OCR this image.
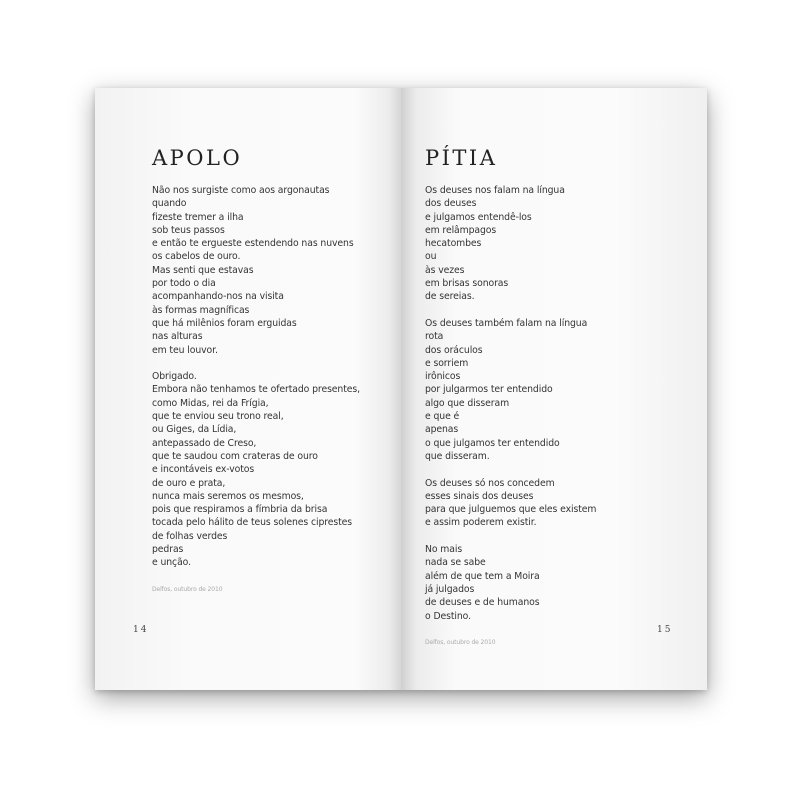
APOLO
Não nos surgiste como aos argonautas
quando
fizeste tremer a ilha
sob teus passos
e então te ergueste estendendo nas nuvens
os cabelos de ouro.
Mas senti que estavas
por todo o dia
acompanhando-nos na visita
às formas magníficas
que há milênios foram erguidas
nas alturas
em teu louvor.
Obrigado.
Embora não tenhamos te ofertado presentes,
como Midas, rei da Frígia,
que te enviou seu trono real,
ou Giges, da Lídia,
antepassado de Creso,
que te saudou com crateras de ouro
e incontáveis ex-votos
de ouro e prata,
nunca mais seremos os mesmos,
pois que respiramos a fímbria da brisa
tocada pelo hálito de teus solenes ciprestes
de folhas verdes
pedras
e unção.
Delfos, outubro de 2010
14
PÍTIA
Os deuses nos falam na língua
dos deuses
e julgamos entendê-los
em relâmpagos
hecatombes
ou
às vezes
em brisas sonoras
de sereias.
Os deuses também falam na língua
rota
dos oráculos
e sorriem
irônicos
por julgarmos ter entendido
algo que disseram
e que é
apenas
o que julgamos ter entendido
que disseram.
Os deuses só nos concedem
esses sinais dos deuses
para que julguemos que eles existem
e assim poderem existir.
No mais
nada se sabe
além de que tem a Moira
já julgados
de deuses e de humanos
o Destino.
Delfos, outubro de 2010
15
